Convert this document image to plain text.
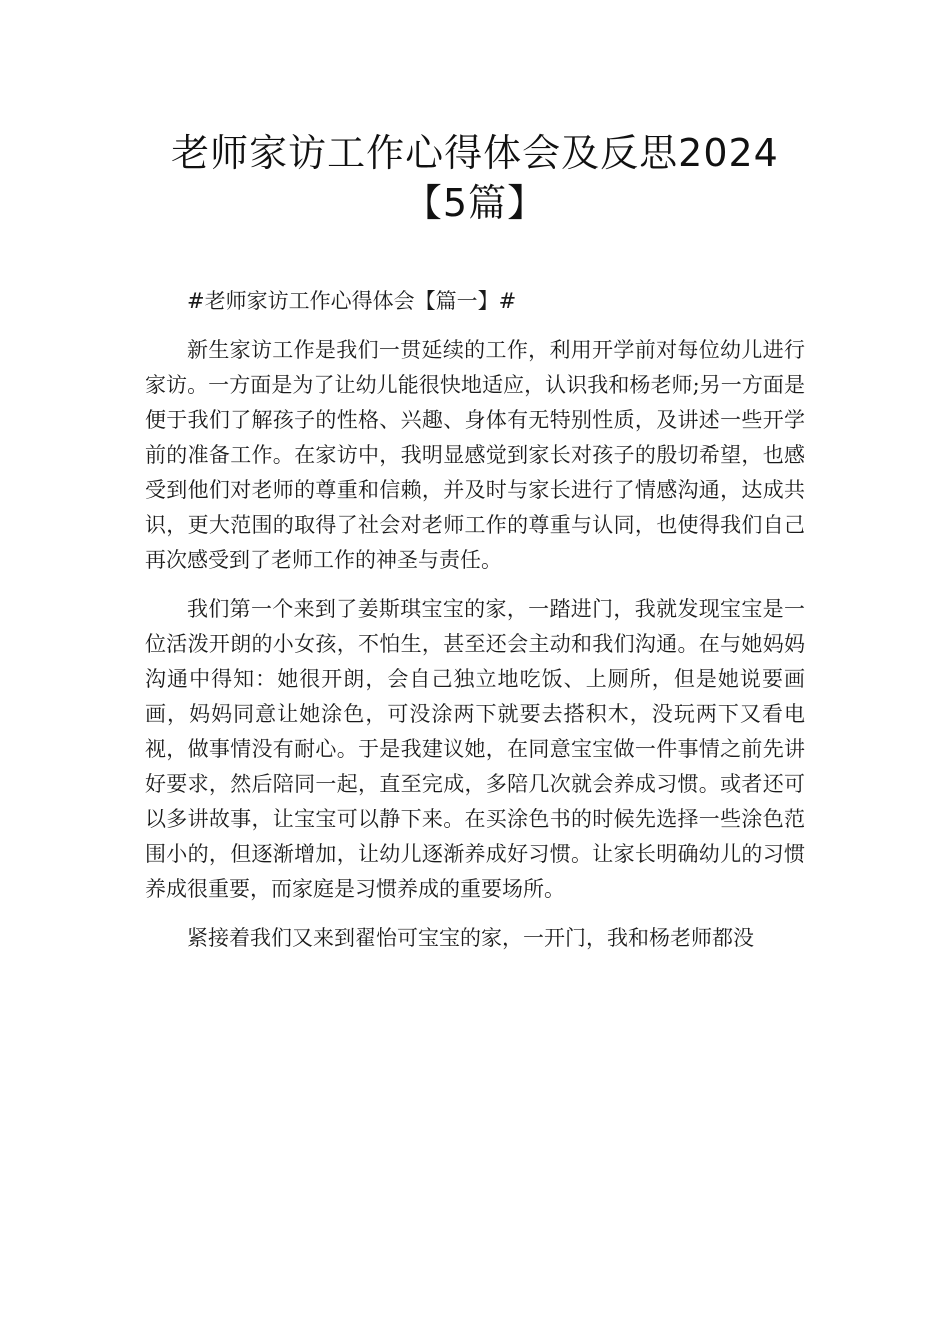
老师家访工作心得体会及反思2024【5篇】

#老师家访工作心得体会【篇一】#

新生家访工作是我们一贯延续的工作，利用开学前对每位幼儿进行家访。一方面是为了让幼儿能很快地适应，认识我和杨老师;另一方面是便于我们了解孩子的性格、兴趣、身体有无特别性质，及讲述一些开学前的准备工作。在家访中，我明显感觉到家长对孩子的殷切希望，也感受到他们对老师的尊重和信赖，并及时与家长进行了情感沟通，达成共识，更大范围的取得了社会对老师工作的尊重与认同，也使得我们自己再次感受到了老师工作的神圣与责任。

我们第一个来到了姜斯琪宝宝的家，一踏进门，我就发现宝宝是一位活泼开朗的小女孩，不怕生，甚至还会主动和我们沟通。在与她妈妈沟通中得知：她很开朗，会自己独立地吃饭、上厕所，但是她说要画画，妈妈同意让她涂色，可没涂两下就要去搭积木，没玩两下又看电视，做事情没有耐心。于是我建议她，在同意宝宝做一件事情之前先讲好要求，然后陪同一起，直至完成，多陪几次就会养成习惯。或者还可以多讲故事，让宝宝可以静下来。在买涂色书的时候先选择一些涂色范围小的，但逐渐增加，让幼儿逐渐养成好习惯。让家长明确幼儿的习惯养成很重要，而家庭是习惯养成的重要场所。

紧接着我们又来到翟怡可宝宝的家，一开门，我和杨老师都没
